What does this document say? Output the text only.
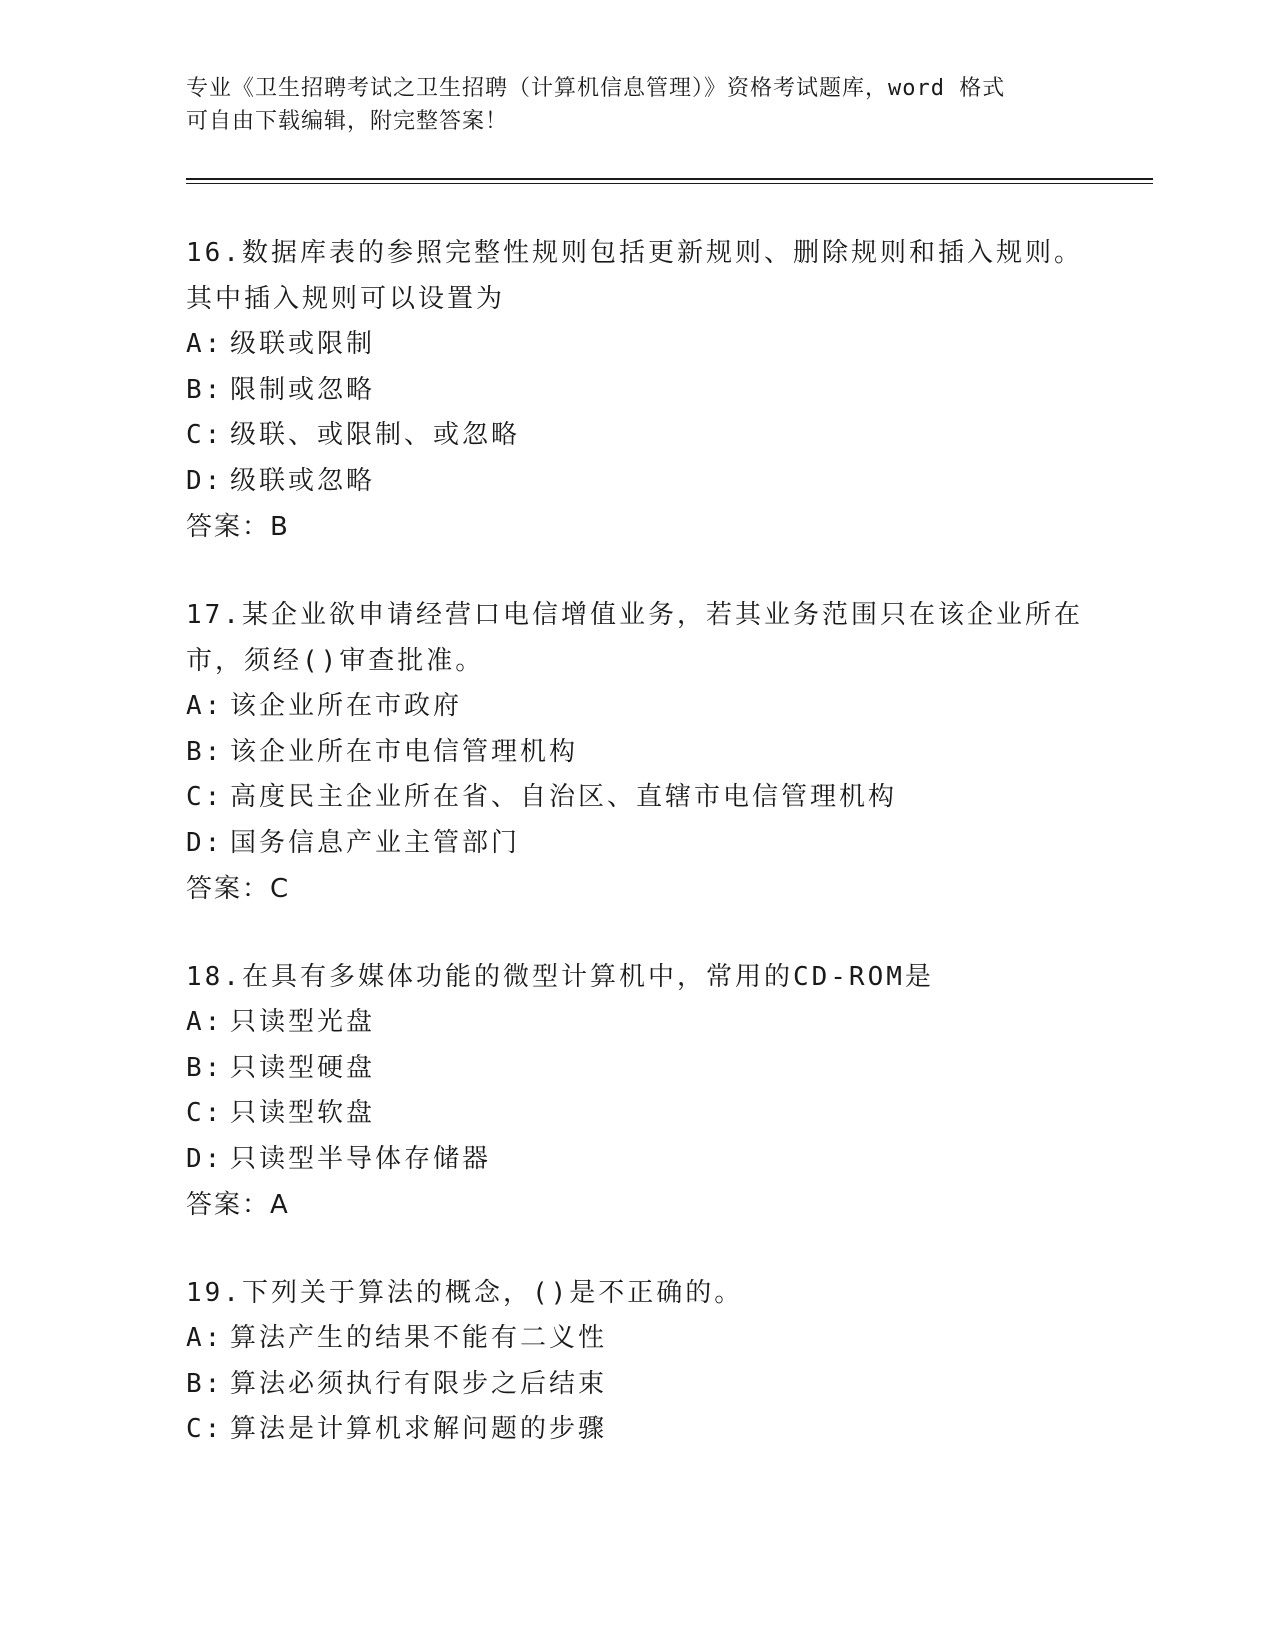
专业《卫生招聘考试之卫生招聘（计算机信息管理）》资格考试题库，word 格式
可自由下载编辑，附完整答案！

16.数据库表的参照完整性规则包括更新规则、删除规则和插入规则。其中插入规则可以设置为

A: 级联或限制

B: 限制或忽略

C: 级联、或限制、或忽略

D: 级联或忽略

答案：B

17.某企业欲申请经营口电信增值业务，若其业务范围只在该企业所在市，须经()审查批准。

A: 该企业所在市政府

B: 该企业所在市电信管理机构

C: 高度民主企业所在省、自治区、直辖市电信管理机构

D: 国务信息产业主管部门

答案：C

18.在具有多媒体功能的微型计算机中，常用的CD-ROM是

A: 只读型光盘

B: 只读型硬盘

C: 只读型软盘

D: 只读型半导体存储器

答案：A

19.下列关于算法的概念，()是不正确的。

A: 算法产生的结果不能有二义性

B: 算法必须执行有限步之后结束

C: 算法是计算机求解问题的步骤
